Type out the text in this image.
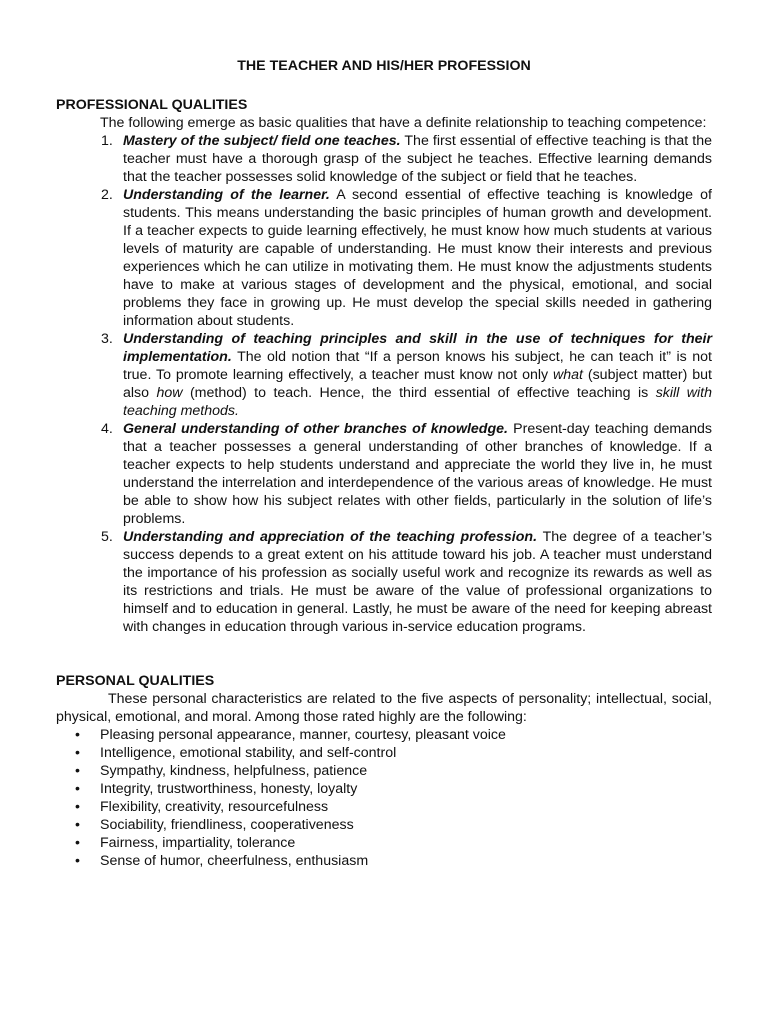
THE TEACHER AND HIS/HER PROFESSION
PROFESSIONAL QUALITIES

The following emerge as basic qualities that have a definite relationship to teaching competence:

1. Mastery of the subject/ field one teaches. The first essential of effective teaching is that the teacher must have a thorough grasp of the subject he teaches. Effective learning demands that the teacher possesses solid knowledge of the subject or field that he teaches.
2. Understanding of the learner. A second essential of effective teaching is knowledge of students. This means understanding the basic principles of human growth and development. If a teacher expects to guide learning effectively, he must know how much students at various levels of maturity are capable of understanding. He must know their interests and previous experiences which he can utilize in motivating them. He must know the adjustments students have to make at various stages of development and the physical, emotional, and social problems they face in growing up. He must develop the special skills needed in gathering information about students.
3. Understanding of teaching principles and skill in the use of techniques for their implementation. The old notion that “If a person knows his subject, he can teach it” is not true. To promote learning effectively, a teacher must know not only what (subject matter) but also how (method) to teach. Hence, the third essential of effective teaching is skill with teaching methods.
4. General understanding of other branches of knowledge. Present-day teaching demands that a teacher possesses a general understanding of other branches of knowledge. If a teacher expects to help students understand and appreciate the world they live in, he must understand the interrelation and interdependence of the various areas of knowledge. He must be able to show how his subject relates with other fields, particularly in the solution of life’s problems.
5. Understanding and appreciation of the teaching profession. The degree of a teacher’s success depends to a great extent on his attitude toward his job. A teacher must understand the importance of his profession as socially useful work and recognize its rewards as well as its restrictions and trials. He must be aware of the value of professional organizations to himself and to education in general. Lastly, he must be aware of the need for keeping abreast with changes in education through various in-service education programs.
PERSONAL QUALITIES

These personal characteristics are related to the five aspects of personality; intellectual, social, physical, emotional, and moral. Among those rated highly are the following:

• Pleasing personal appearance, manner, courtesy, pleasant voice
• Intelligence, emotional stability, and self-control
• Sympathy, kindness, helpfulness, patience
• Integrity, trustworthiness, honesty, loyalty
• Flexibility, creativity, resourcefulness
• Sociability, friendliness, cooperativeness
• Fairness, impartiality, tolerance
• Sense of humor, cheerfulness, enthusiasm
